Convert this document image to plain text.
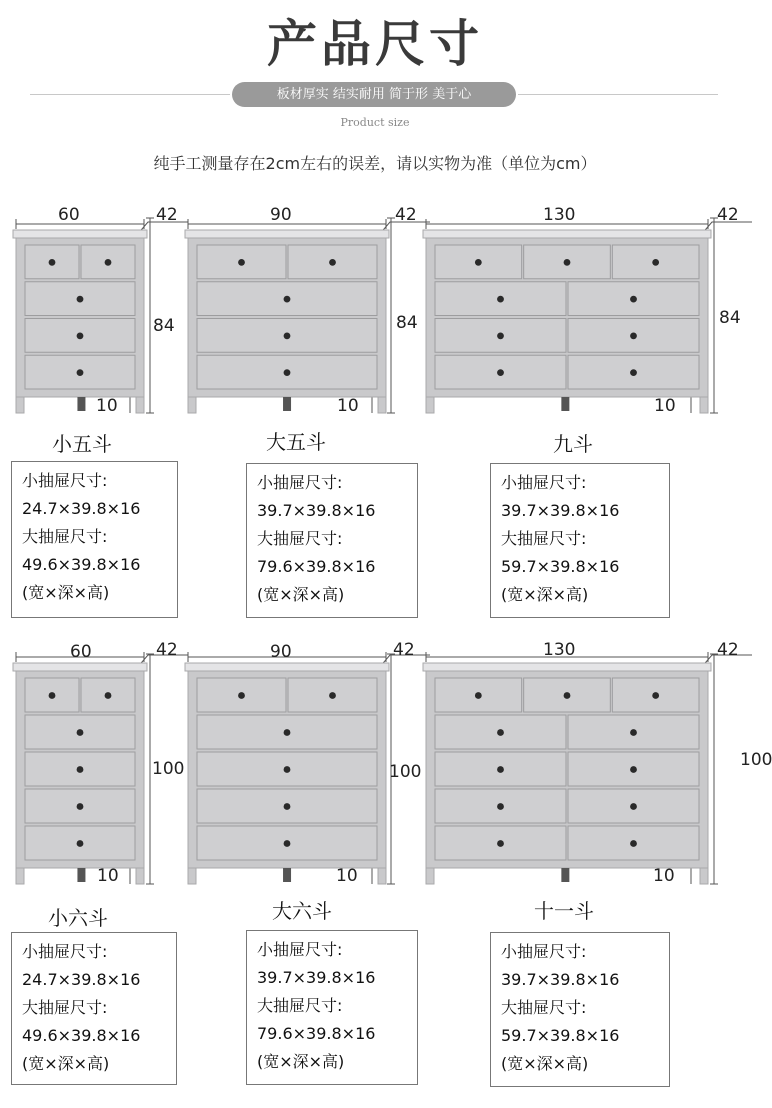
产品尺寸
板材厚实 结实耐用 简于形 美于心
Product size
纯手工测量存在2cm左右的误差，请以实物为准（单位为cm）
60	42
84
10
小五斗
小抽屉尺寸:
24.7×39.8×16
大抽屉尺寸:
49.6×39.8×16
(宽×深×高)
90	42
84
10
大五斗
小抽屉尺寸:
39.7×39.8×16
大抽屉尺寸:
79.6×39.8×16
(宽×深×高)
130	42
84
10
九斗
小抽屉尺寸:
39.7×39.8×16
大抽屉尺寸:
59.7×39.8×16
(宽×深×高)
60	42
100
10
小六斗
小抽屉尺寸:
24.7×39.8×16
大抽屉尺寸:
49.6×39.8×16
(宽×深×高)
90	42
100
10
大六斗
小抽屉尺寸:
39.7×39.8×16
大抽屉尺寸:
79.6×39.8×16
(宽×深×高)
130	42
100
10
十一斗
小抽屉尺寸:
39.7×39.8×16
大抽屉尺寸:
59.7×39.8×16
(宽×深×高)
